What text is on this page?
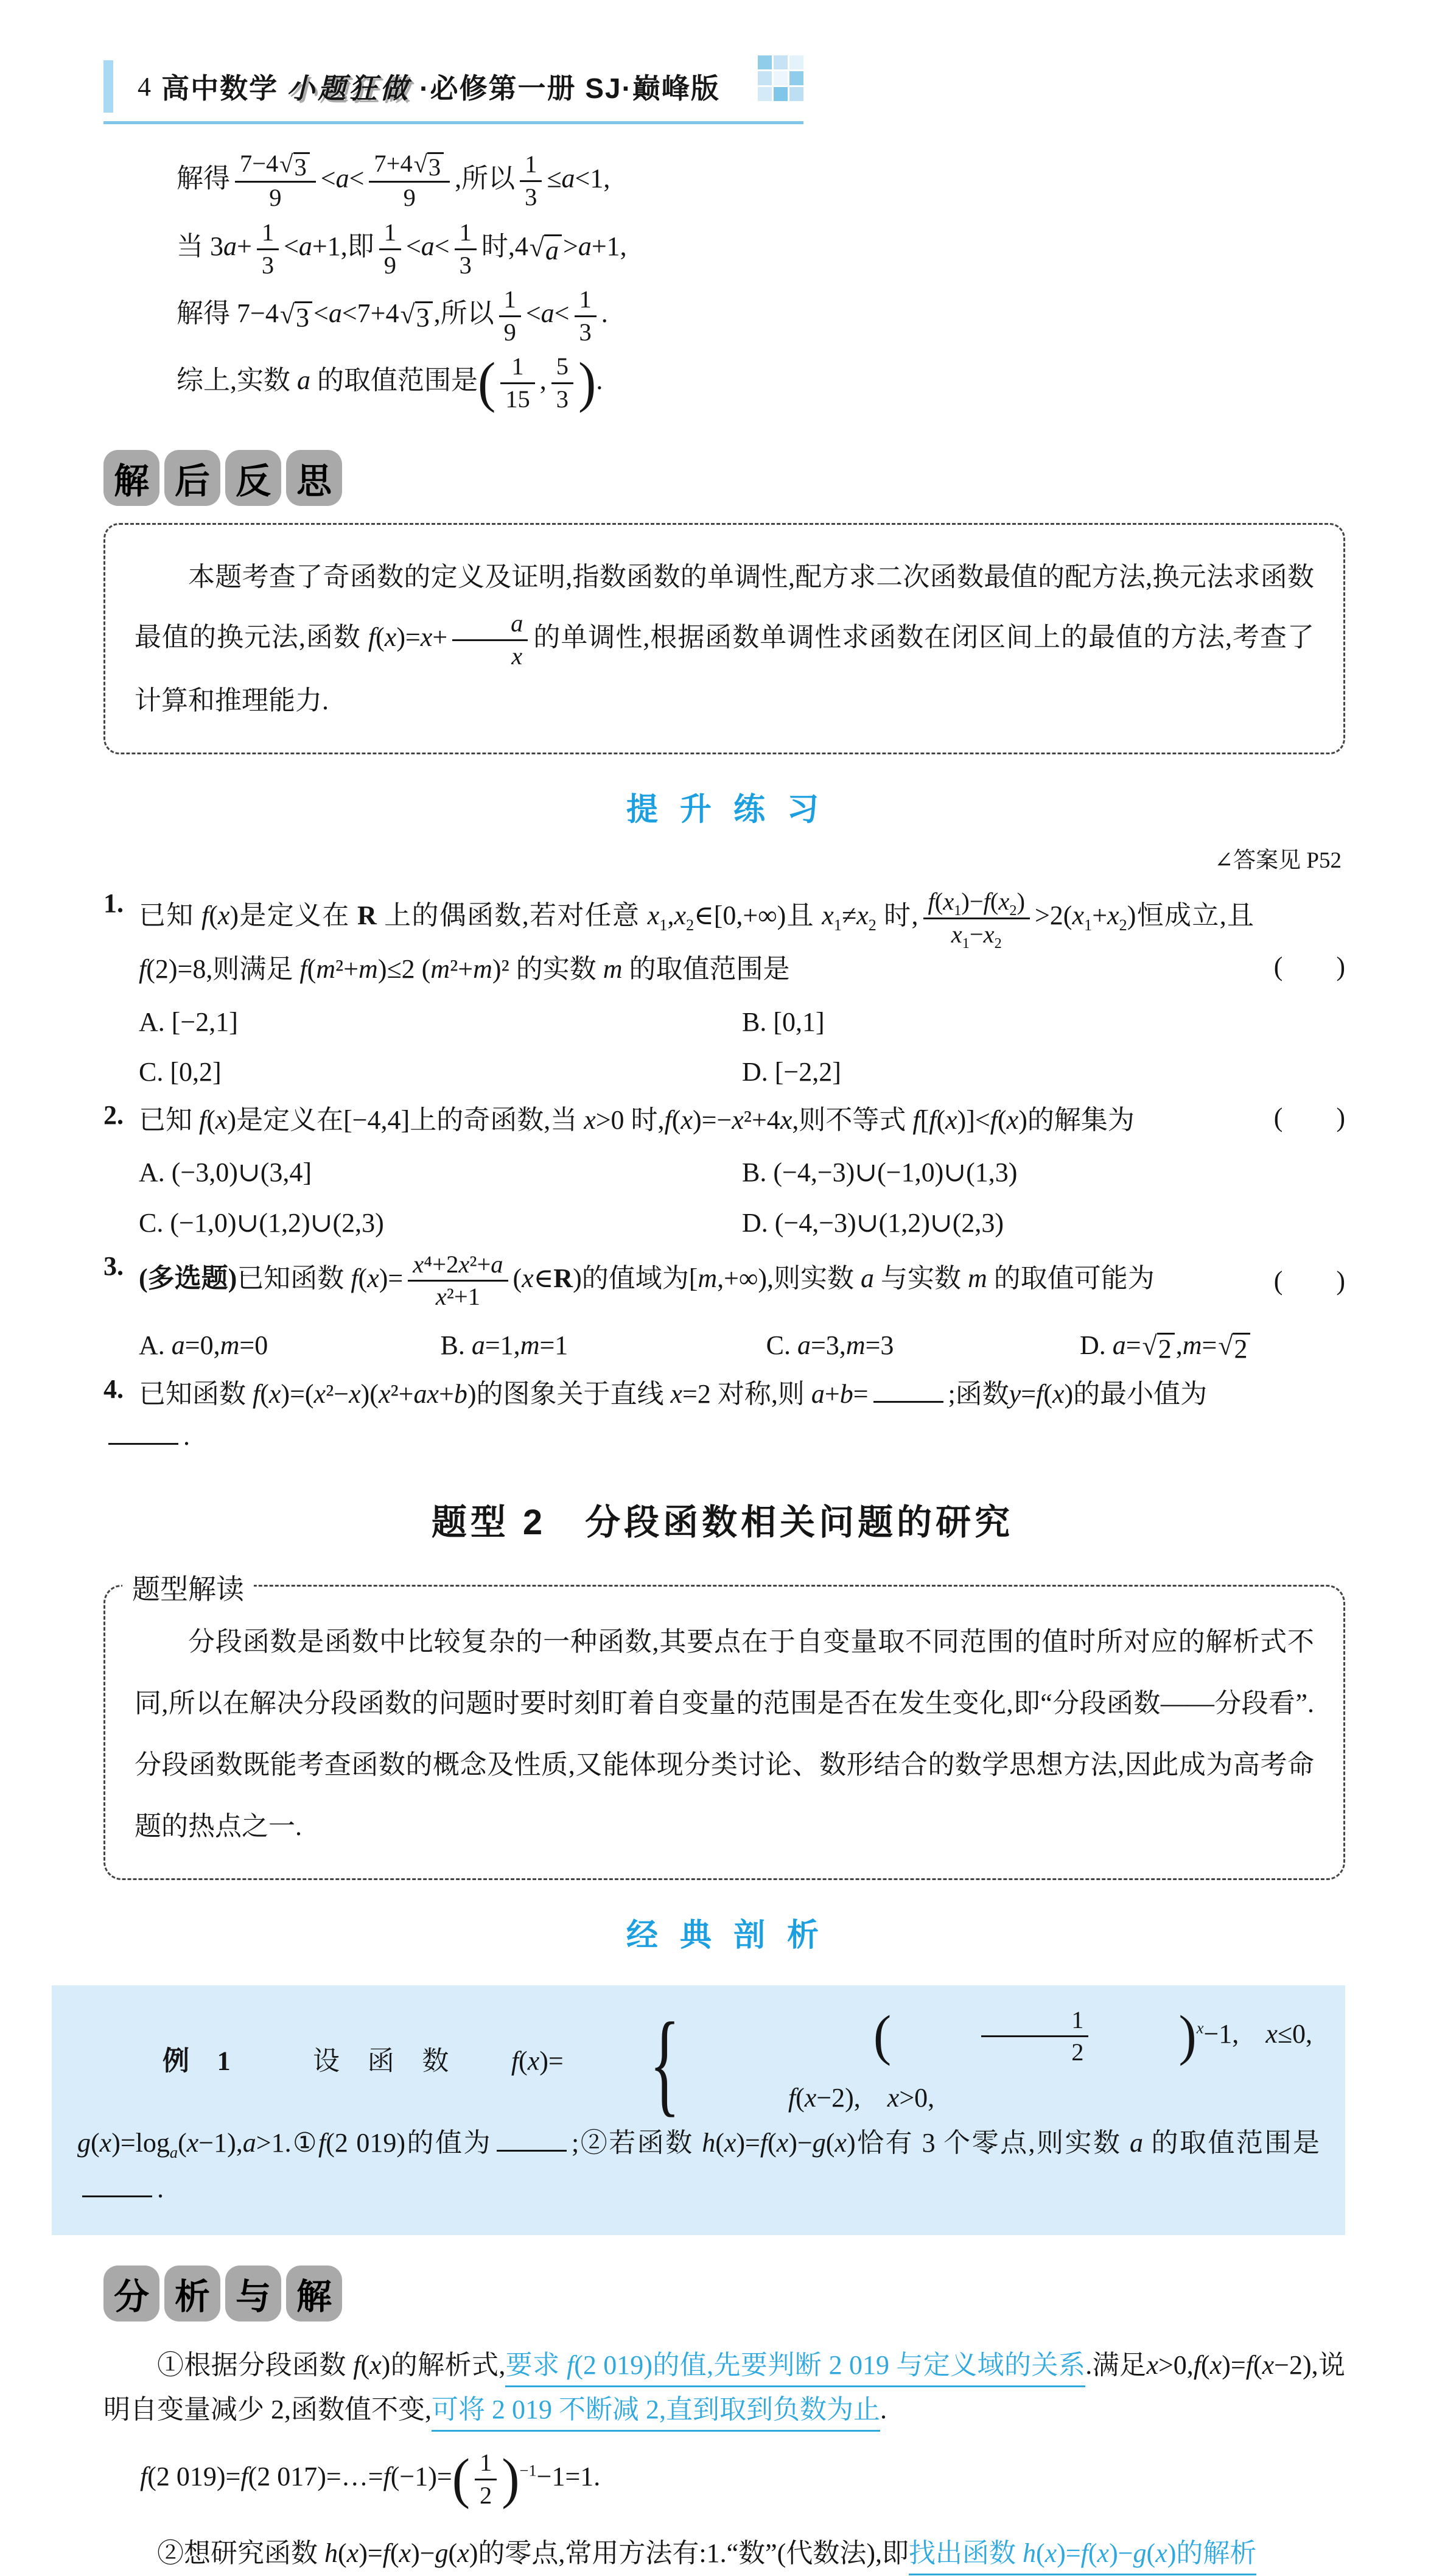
4 高中数学 小题狂做 ·必修第一册 SJ·巅峰版
解得 $\frac{7-4 √ 3}{9} <a< \frac{7+4 √ 3}{9}$ ,所以 $\frac{1}{3} \le a<1$,
当 $3a+ \frac{1}{3} <a+1$,即 $\frac{1}{9} <a< \frac{1}{3}$ 时,4 √ a >a+1,
解得 7−4 √ 3 <a<7+4 √ 3 ,所以 $\frac{1}{9} <a< \frac{1}{3}$ .
综上,实数 a 的取值范围是 ( $\frac{1}{15}$ , $\frac{5}{3}$ ) .
解 后 反 思

本题考查了奇函数的定义及证明,指数函数的单调性,配方求二次函数最值的配方法,换元法求函数最值的换元法,函数 $f(x)=x+ \frac{a}{x}$ 的单调性,根据函数单调性求函数在闭区间上的最值的方法,考查了计算和推理能力.

提升练习
∠答案见 P52
1. 已知 f(x)是定义在 R 上的偶函数,若对任意 $x_1,x_2\in[0,+\infty)$且 $x_1\ne x_2$ 时, $\frac{f(x_1)-f(x_2)}{x_1-x_2} >2(x_1+x_2)$恒成立,且 f(2)=8,则满足 f(m²+m)≤2 (m²+m)² 的实数 m 的取值范围是	(　　)

A. [−2,1]	B. [0,1]
C. [0,2]	D. [−2,2]
2. 已知 f(x)是定义在[−4,4]上的奇函数,当 x>0 时,f(x)=−x²+4x,则不等式 f[f(x)]<f(x)的解集为	(　　)

A. (−3,0)∪(3,4]	B. (−4,−3)∪(−1,0)∪(1,3)
C. (−1,0)∪(1,2)∪(2,3)	D. (−4,−3)∪(1,2)∪(2,3)
3. (多选题)已知函数 $f(x)= \frac{\text{x⁴+2x²+a}}{\text{x²+1}}$ (x∈R)的值域为[m,+∞),则实数 a 与实数 m 的取值可能为	(　　)

A. a=0,m=0	B. a=1,m=1	C. a=3,m=3	D. a= √ 2 ,m= √ 2
4. 已知函数 f(x)=(x²−x)(x²+ax+b)的图象关于直线 x=2 对称,则 a+b=	;函数y=f(x)的最小值为

.

题型 2　分段函数相关问题的研究
题型解读

分段函数是函数中比较复杂的一种函数,其要点在于自变量取不同范围的值时所对应的解析式不同,所以在解决分段函数的问题时要时刻盯着自变量的范围是否在发生变化,即“分段函数——分段看”.分段函数既能考查函数的概念及性质,又能体现分类讨论、数形结合的数学思想方法,因此成为高考命题的热点之一.

经典剖析

例1　设函数 f(x)= {	(	$\frac{1}{2}$	) $^x$−1,　x≤0,
f(x−2),　x>0,
$g(x)=\log_a(x-1),a>1.①f(2$ 019)的值为	;②若函数 h(x)=f(x)−g(x)恰有 3 个零点,则实数 a 的取值范围是.

分 析 与 解

①根据分段函数 f(x)的解析式,要求 f(2 019)的值,先要判断 2 019 与定义域的关系.满足x>0,f(x)=f(x−2),说明自变量减少 2,函数值不变,可将 2 019 不断减 2,直到取到负数为止.

f(2 019)=f(2 017)=…=f(−1)= ( $\frac{1}{2}$ ) $^{-1}$−1=1.

②想研究函数 h(x)=f(x)−g(x)的零点,常用方法有:1.“数”(代数法),即找出函数 h(x)=f(x)−g(x)的解析
